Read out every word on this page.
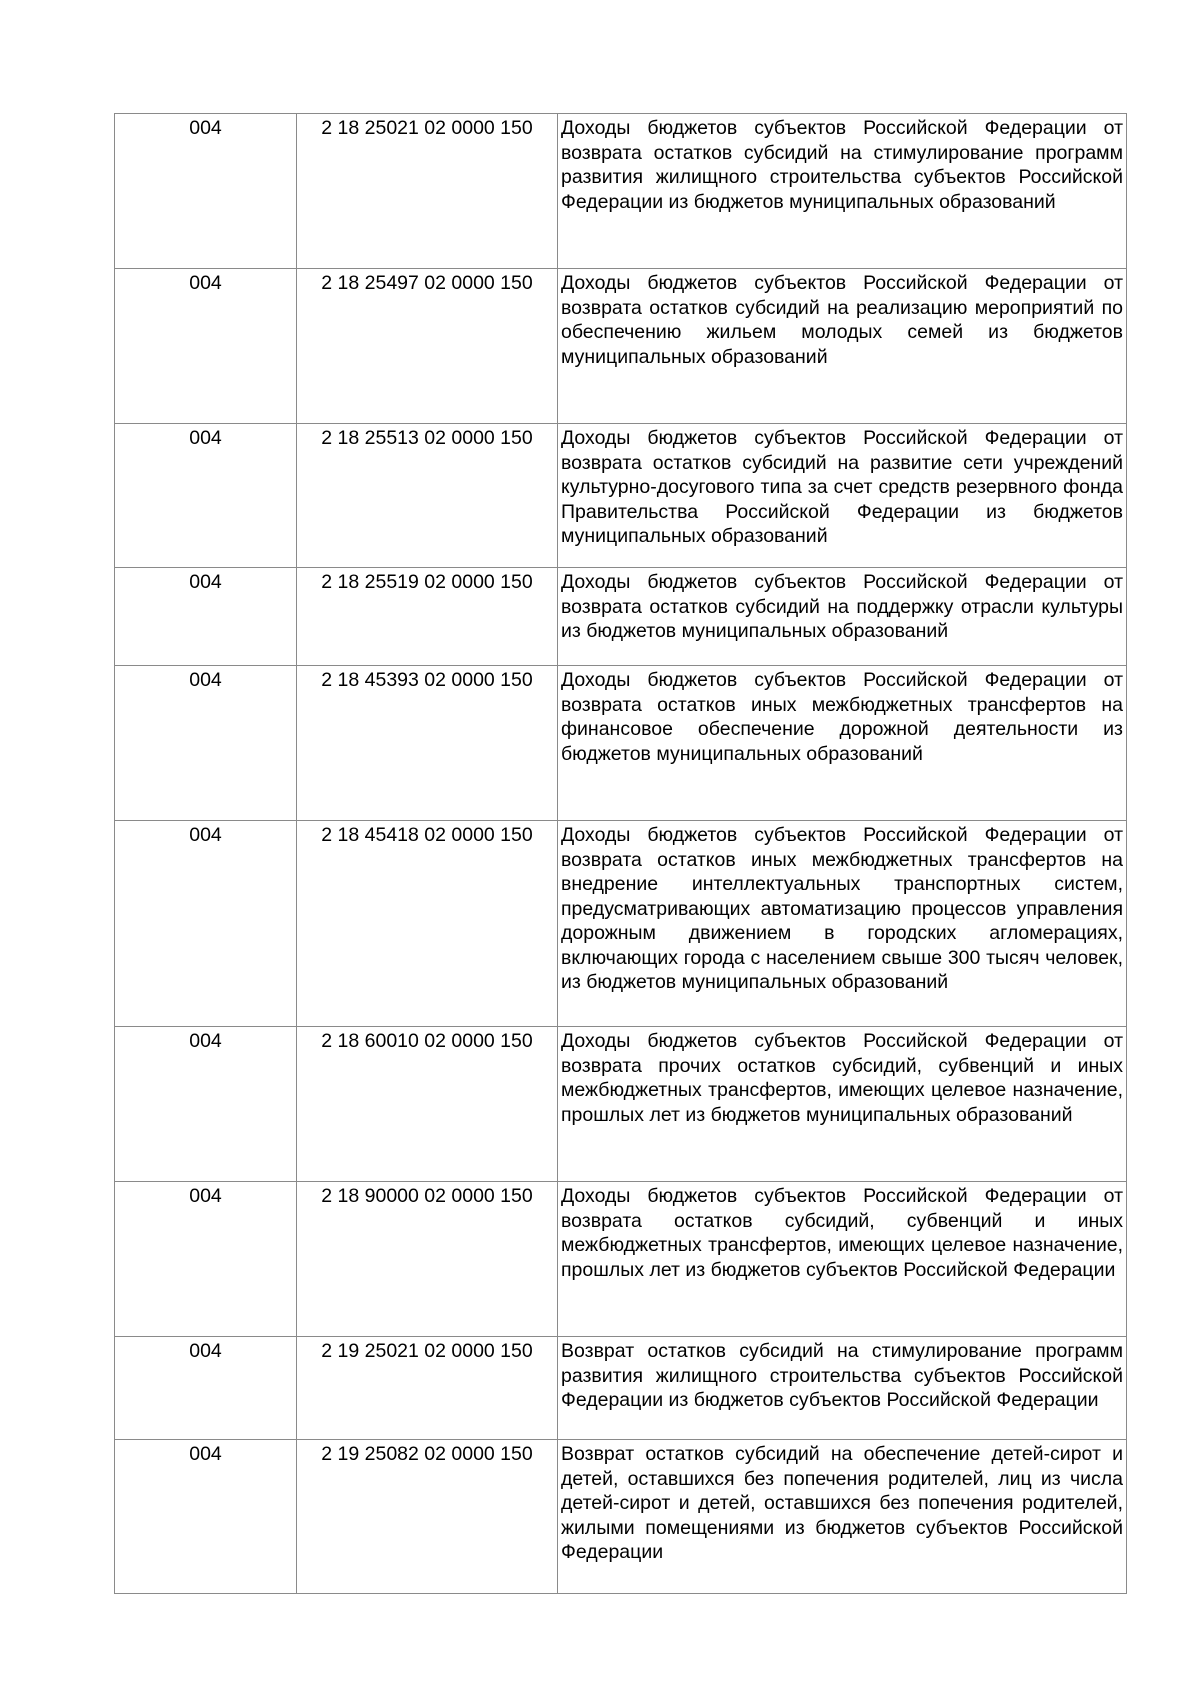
004	2 18 25021 02 0000 150	Доходы бюджетов субъектов Российской Федерации от возврата остатков субсидий на стимулирование программ развития жилищного строительства субъектов Российской Федерации из бюджетов муниципальных образований
004	2 18 25497 02 0000 150	Доходы бюджетов субъектов Российской Федерации от возврата остатков субсидий на реализацию мероприятий по обеспечению жильем молодых семей из бюджетов муниципальных образований
004	2 18 25513 02 0000 150	Доходы бюджетов субъектов Российской Федерации от возврата остатков субсидий на развитие сети учреждений культурно-досугового типа за счет средств резервного фонда Правительства Российской Федерации из бюджетов муниципальных образований
004	2 18 25519 02 0000 150	Доходы бюджетов субъектов Российской Федерации от возврата остатков субсидий на поддержку отрасли культуры из бюджетов муниципальных образований
004	2 18 45393 02 0000 150	Доходы бюджетов субъектов Российской Федерации от возврата остатков иных межбюджетных трансфертов на финансовое обеспечение дорожной деятельности из бюджетов муниципальных образований
004	2 18 45418 02 0000 150	Доходы бюджетов субъектов Российской Федерации от возврата остатков иных межбюджетных трансфертов на внедрение интеллектуальных транспортных систем, предусматривающих автоматизацию процессов управления дорожным движением в городских агломерациях, включающих города с населением свыше 300 тысяч человек, из бюджетов муниципальных образований
004	2 18 60010 02 0000 150	Доходы бюджетов субъектов Российской Федерации от возврата прочих остатков субсидий, субвенций и иных межбюджетных трансфертов, имеющих целевое назначение, прошлых лет из бюджетов муниципальных образований
004	2 18 90000 02 0000 150	Доходы бюджетов субъектов Российской Федерации от возврата остатков субсидий, субвенций и иных межбюджетных трансфертов, имеющих целевое назначение, прошлых лет из бюджетов субъектов Российской Федерации
004	2 19 25021 02 0000 150	Возврат остатков субсидий на стимулирование программ развития жилищного строительства субъектов Российской Федерации из бюджетов субъектов Российской Федерации
004	2 19 25082 02 0000 150	Возврат остатков субсидий на обеспечение детей-сирот и детей, оставшихся без попечения родителей, лиц из числа детей-сирот и детей, оставшихся без попечения родителей, жилыми помещениями из бюджетов субъектов Российской Федерации
